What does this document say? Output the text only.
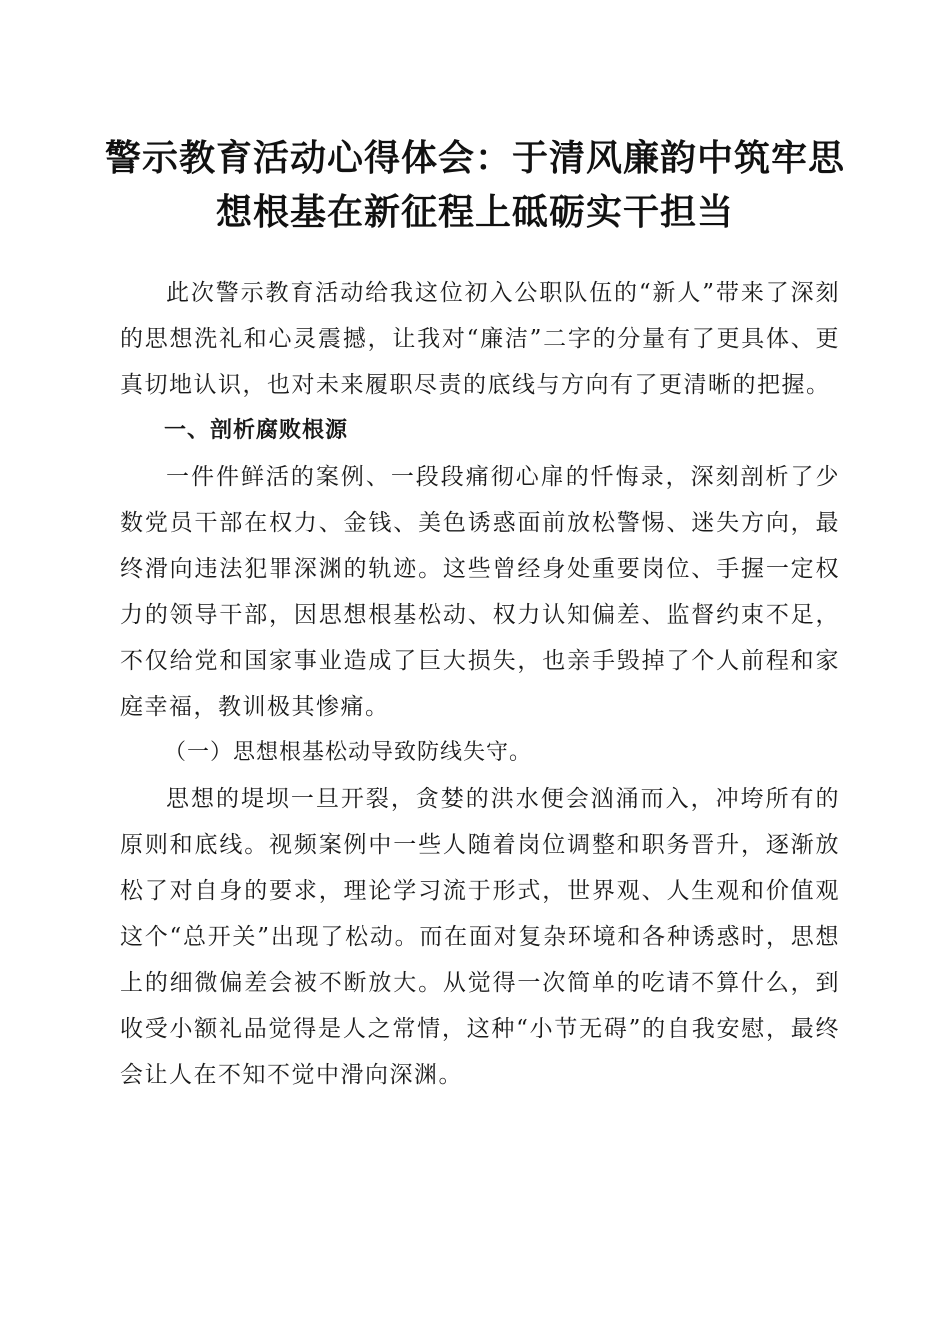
警示教育活动心得体会：于清风廉韵中筑牢思
想根基在新征程上砥砺实干担当

此次警示教育活动给我这位初入公职队伍的“新人”带来了深刻的思想洗礼和心灵震撼，让我对“廉洁”二字的分量有了更具体、更真切地认识，也对未来履职尽责的底线与方向有了更清晰的把握。

一、剖析腐败根源

一件件鲜活的案例、一段段痛彻心扉的忏悔录，深刻剖析了少数党员干部在权力、金钱、美色诱惑面前放松警惕、迷失方向，最终滑向违法犯罪深渊的轨迹。这些曾经身处重要岗位、手握一定权力的领导干部，因思想根基松动、权力认知偏差、监督约束不足，不仅给党和国家事业造成了巨大损失，也亲手毁掉了个人前程和家庭幸福，教训极其惨痛。

（一）思想根基松动导致防线失守。

思想的堤坝一旦开裂，贪婪的洪水便会汹涌而入，冲垮所有的原则和底线。视频案例中一些人随着岗位调整和职务晋升，逐渐放松了对自身的要求，理论学习流于形式，世界观、人生观和价值观这个“总开关”出现了松动。而在面对复杂环境和各种诱惑时，思想上的细微偏差会被不断放大。从觉得一次简单的吃请不算什么，到收受小额礼品觉得是人之常情，这种“小节无碍”的自我安慰，最终会让人在不知不觉中滑向深渊。
